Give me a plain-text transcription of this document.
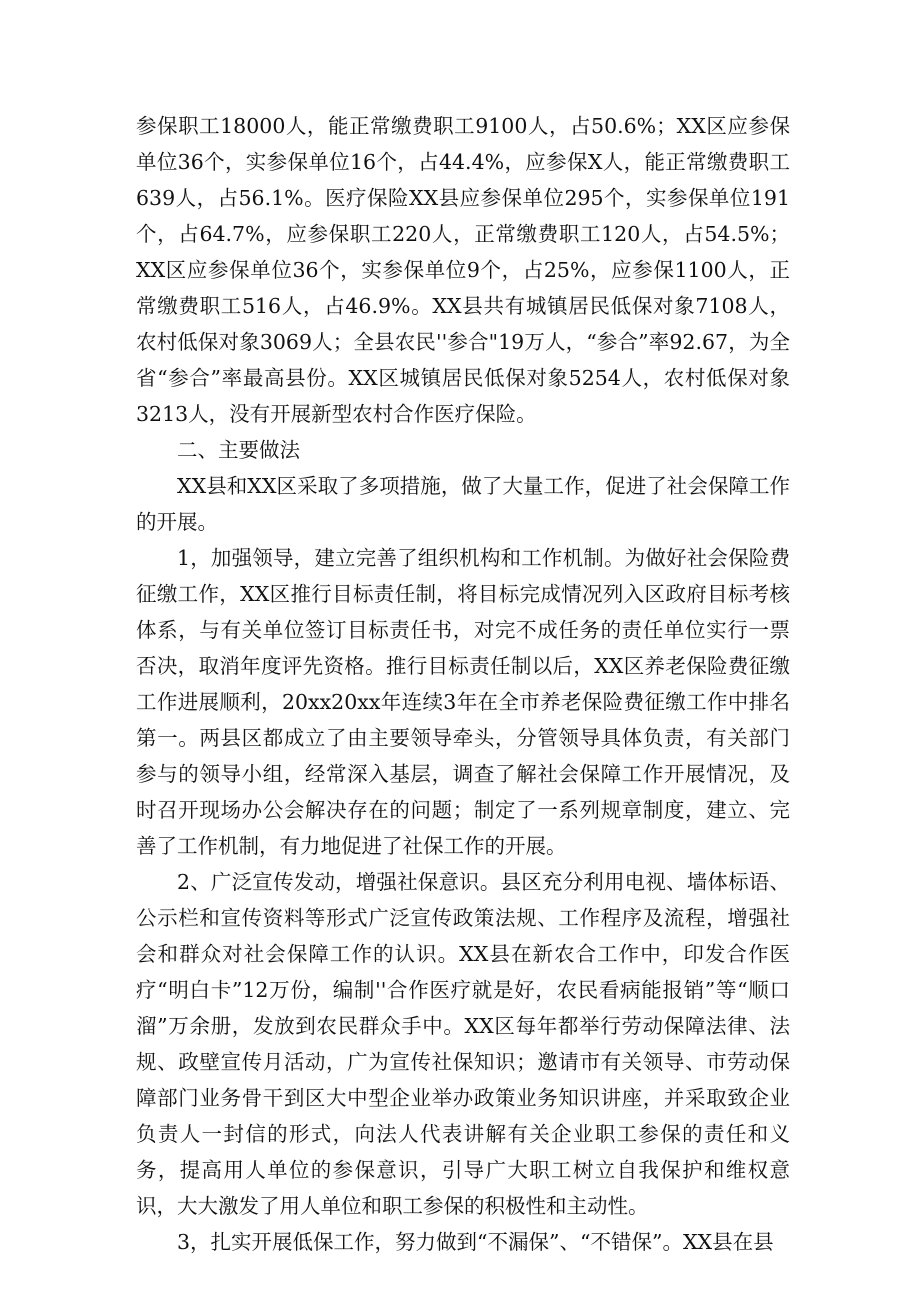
参保职工18000人，能正常缴费职工9100人，占50.6%；XX区应参保单位36个，实参保单位16个，占44.4%，应参保X人，能正常缴费职工639人，占56.1%。医疗保险XX县应参保单位295个，实参保单位191个，占64.7%，应参保职工220人，正常缴费职工120人，占54.5%；XX区应参保单位36个，实参保单位9个，占25%，应参保1100人，正常缴费职工516人，占46.9%。XX县共有城镇居民低保对象7108人，农村低保对象3069人；全县农民''参合"19万人，“参合”率92.67，为全省“参合”率最高县份。XX区城镇居民低保对象5254人，农村低保对象3213人，没有开展新型农村合作医疗保险。

二、主要做法

XX县和XX区采取了多项措施，做了大量工作，促进了社会保障工作的开展。

1，加强领导，建立完善了组织机构和工作机制。为做好社会保险费征缴工作，XX区推行目标责任制，将目标完成情况列入区政府目标考核体系，与有关单位签订目标责任书，对完不成任务的责任单位实行一票否决，取消年度评先资格。推行目标责任制以后，XX区养老保险费征缴工作进展顺利，20xx20xx年连续3年在全市养老保险费征缴工作中排名第一。两县区都成立了由主要领导牵头，分管领导具体负责，有关部门参与的领导小组，经常深入基层，调查了解社会保障工作开展情况，及时召开现场办公会解决存在的问题；制定了一系列规章制度，建立、完善了工作机制，有力地促进了社保工作的开展。

2、广泛宣传发动，增强社保意识。县区充分利用电视、墙体标语、公示栏和宣传资料等形式广泛宣传政策法规、工作程序及流程，增强社会和群众对社会保障工作的认识。XX县在新农合工作中，印发合作医疗“明白卡”12万份，编制''合作医疗就是好，农民看病能报销”等“顺口溜”万余册，发放到农民群众手中。XX区每年都举行劳动保障法律、法规、政壁宣传月活动，广为宣传社保知识；邀请市有关领导、市劳动保障部门业务骨干到区大中型企业举办政策业务知识讲座，并采取致企业负责人一封信的形式，向法人代表讲解有关企业职工参保的责任和义务，提高用人单位的参保意识，引导广大职工树立自我保护和维权意识，大大激发了用人单位和职工参保的积极性和主动性。

3，扎实开展低保工作，努力做到“不漏保”、“不错保”。XX县在县
